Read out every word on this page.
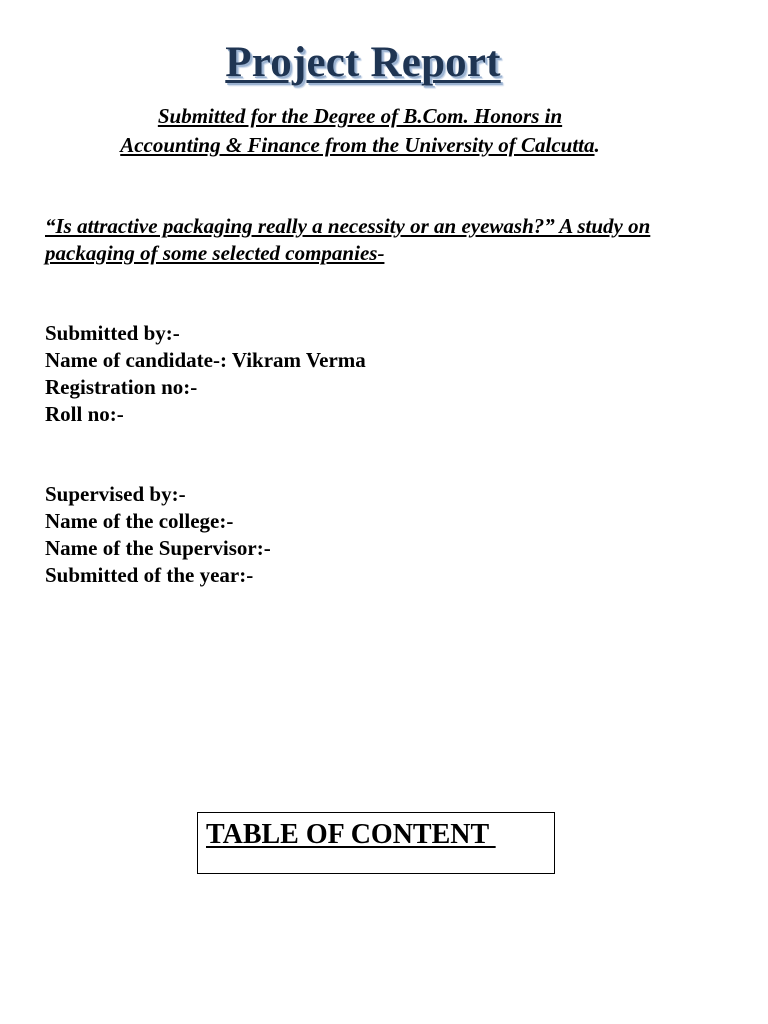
Project Report
Submitted for the Degree of B.Com. Honors in
Accounting & Finance from the University of Calcutta.
“Is attractive packaging really a necessity or an eyewash?” A study on packaging of some selected companies-
Submitted by:-
Name of candidate-: Vikram Verma
Registration no:-
Roll no:-
Supervised by:-
Name of the college:-
Name of the Supervisor:-
Submitted of the year:-
TABLE OF CONTENT
